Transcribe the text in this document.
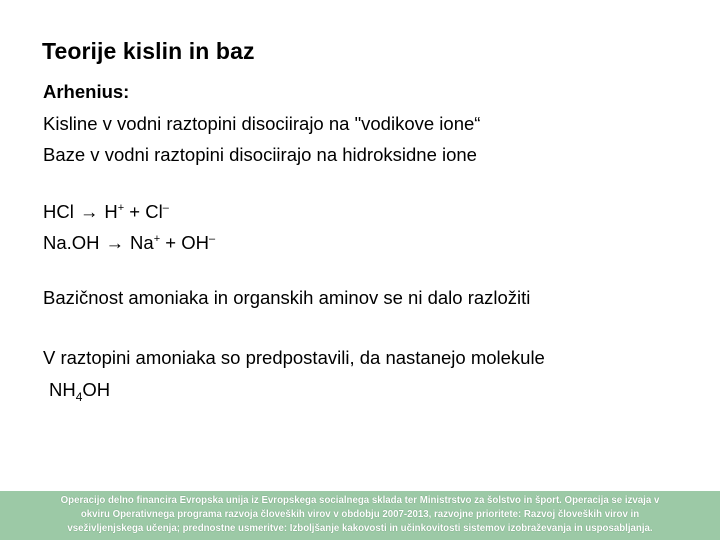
Teorije kislin in baz
Arhenius:
Kisline v vodni raztopini disociirajo na "vodikove ione“
Baze v vodni raztopini disociirajo na hidroksidne ione
HCl → H+ + Cl–
Na.OH → Na+ + OH–
Bazičnost amoniaka in organskih aminov se ni dalo razložiti
V raztopini amoniaka so predpostavili, da nastanejo molekule
$NH_4OH$
Operacijo delno financira Evropska unija iz Evropskega socialnega sklada ter Ministrstvo za šolstvo in šport. Operacija se izvaja v
okviru Operativnega programa razvoja človeških virov v obdobju 2007-2013, razvojne prioritete: Razvoj človeških virov in
vseživljenjskega učenja; prednostne usmeritve: Izboljšanje kakovosti in učinkovitosti sistemov izobraževanja in usposabljanja.
